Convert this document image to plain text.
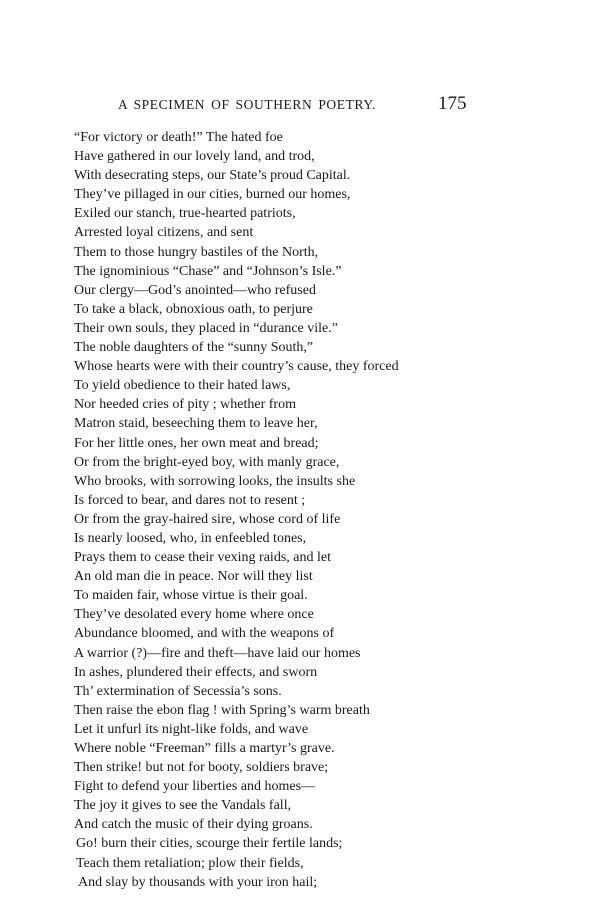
A SPECIMEN OF SOUTHERN POETRY.	175
“For victory or death!” The hated foe
Have gathered in our lovely land, and trod,
With desecrating steps, our State’s proud Capital.
They’ve pillaged in our cities, burned our homes,
Exiled our stanch, true-hearted patriots,
Arrested loyal citizens, and sent
Them to those hungry bastiles of the North,
The ignominious “Chase” and “Johnson’s Isle.”
Our clergy—God’s anointed—who refused
To take a black, obnoxious oath, to perjure
Their own souls, they placed in “durance vile.”
The noble daughters of the “sunny South,”
Whose hearts were with their country’s cause, they forced
To yield obedience to their hated laws,
Nor heeded cries of pity ; whether from
Matron staid, beseeching them to leave her,
For her little ones, her own meat and bread;
Or from the bright-eyed boy, with manly grace,
Who brooks, with sorrowing looks, the insults she
Is forced to bear, and dares not to resent ;
Or from the gray-haired sire, whose cord of life
Is nearly loosed, who, in enfeebled tones,
Prays them to cease their vexing raids, and let
An old man die in peace. Nor will they list
To maiden fair, whose virtue is their goal.
They’ve desolated every home where once
Abundance bloomed, and with the weapons of
A warrior (?)—fire and theft—have laid our homes
In ashes, plundered their effects, and sworn
Th’ extermination of Secessia’s sons.
Then raise the ebon flag ! with Spring’s warm breath
Let it unfurl its night-like folds, and wave
Where noble “Freeman” fills a martyr’s grave.
Then strike! but not for booty, soldiers brave;
Fight to defend your liberties and homes—
The joy it gives to see the Vandals fall,
And catch the music of their dying groans.
Go! burn their cities, scourge their fertile lands;
Teach them retaliation; plow their fields,
And slay by thousands with your iron hail;
